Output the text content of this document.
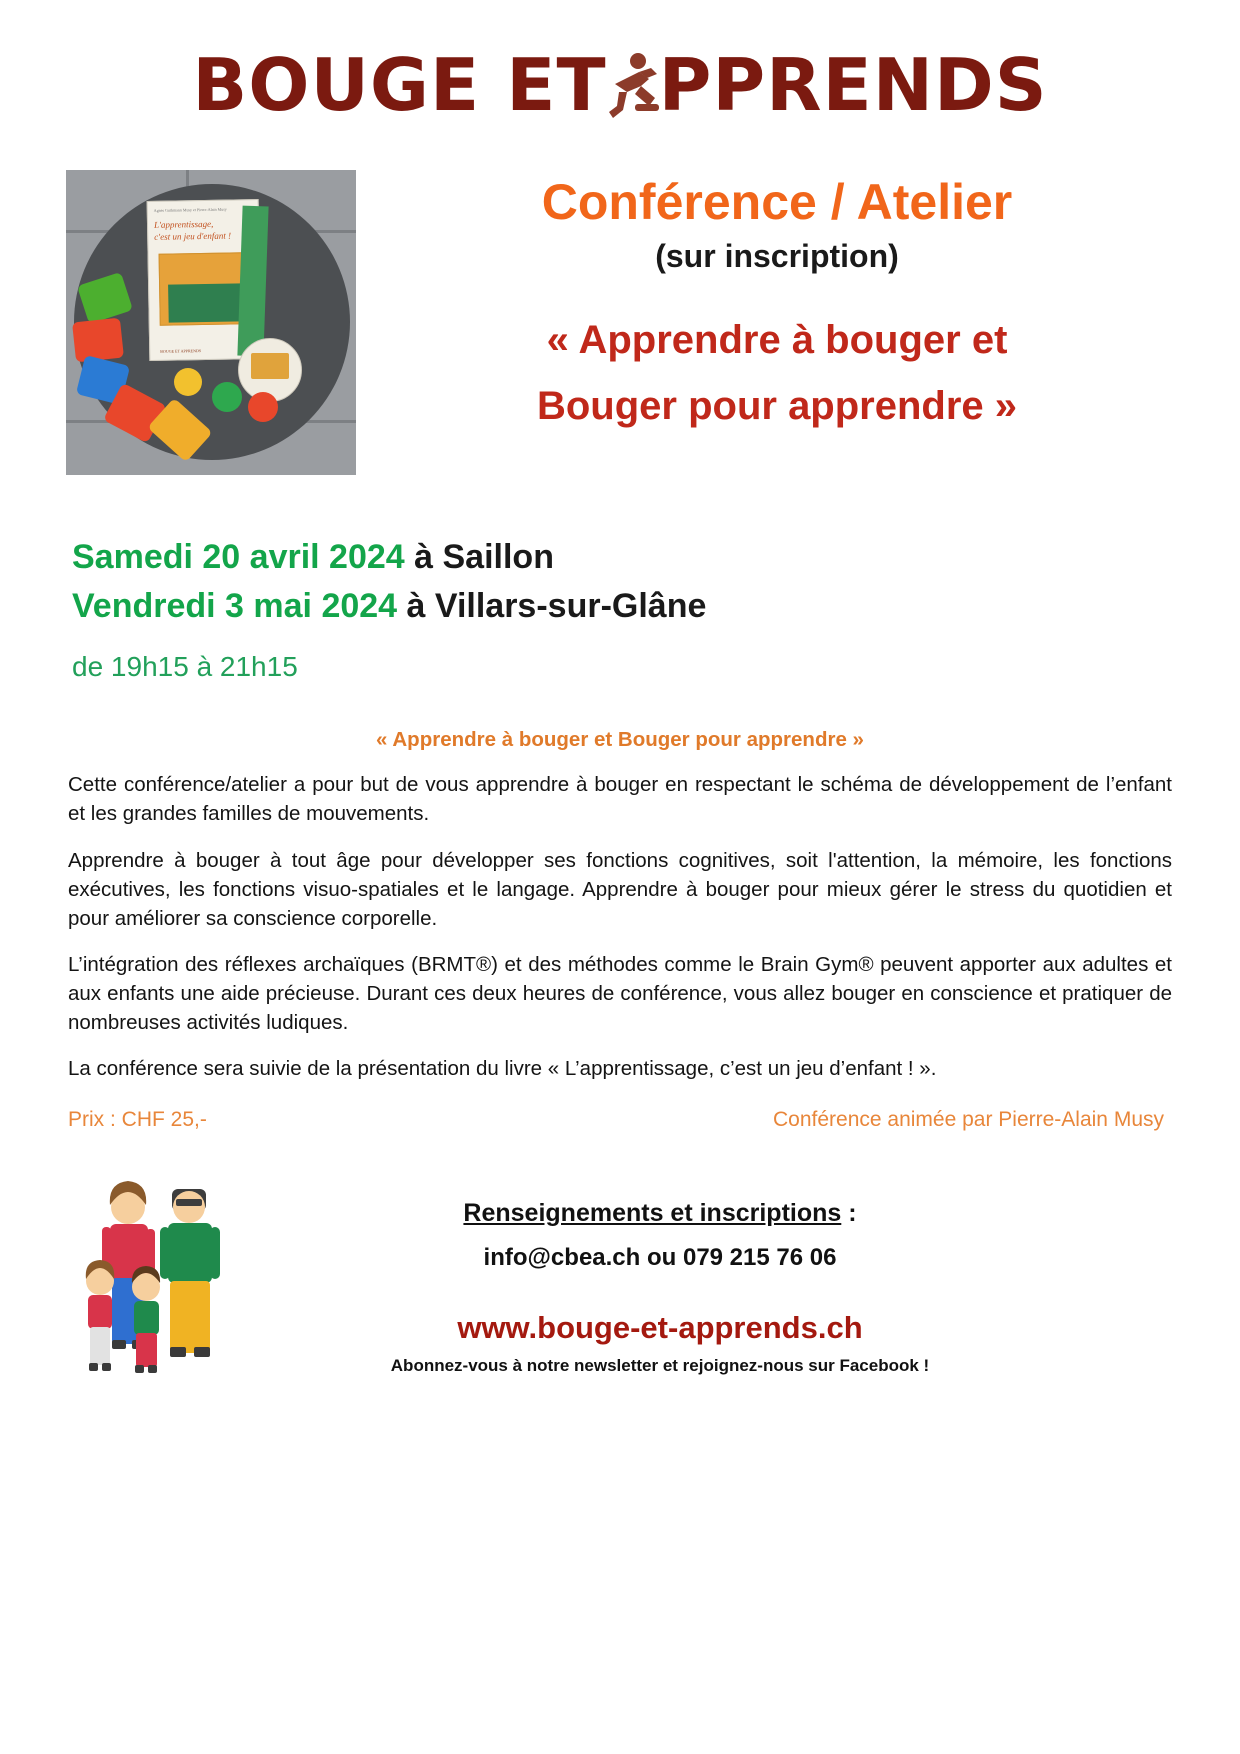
BOUGE ET PPRENDS
Agnès Guthmann Musy et Pierre-Alain Musy
L'apprentissage,
c'est un jeu d'enfant !
BOUGE ET APPRENDS
Conférence / Atelier
(sur inscription)
« Apprendre à bouger et
Bouger pour apprendre »
Samedi 20 avril 2024 à Saillon
Vendredi 3 mai 2024 à Villars-sur-Glâne
de 19h15 à 21h15
« Apprendre à bouger et Bouger pour apprendre »

Cette conférence/atelier a pour but de vous apprendre à bouger en respectant le schéma de développement de l’enfant et les grandes familles de mouvements.

Apprendre à bouger à tout âge pour développer ses fonctions cognitives, soit l'attention, la mémoire, les fonctions exécutives, les fonctions visuo-spatiales et le langage. Apprendre à bouger pour mieux gérer le stress du quotidien et pour améliorer sa conscience corporelle.

L’intégration des réflexes archaïques (BRMT®) et des méthodes comme le Brain Gym® peuvent apporter aux adultes et aux enfants une aide précieuse. Durant ces deux heures de conférence, vous allez bouger en conscience et pratiquer de nombreuses activités ludiques.

La conférence sera suivie de la présentation du livre « L’apprentissage, c’est un jeu d’enfant ! ».

Prix : CHF 25,-	Conférence animée par Pierre-Alain Musy
Renseignements et inscriptions :
info@cbea.ch ou 079 215 76 06
www.bouge-et-apprends.ch
Abonnez-vous à notre newsletter et rejoignez-nous sur Facebook !
